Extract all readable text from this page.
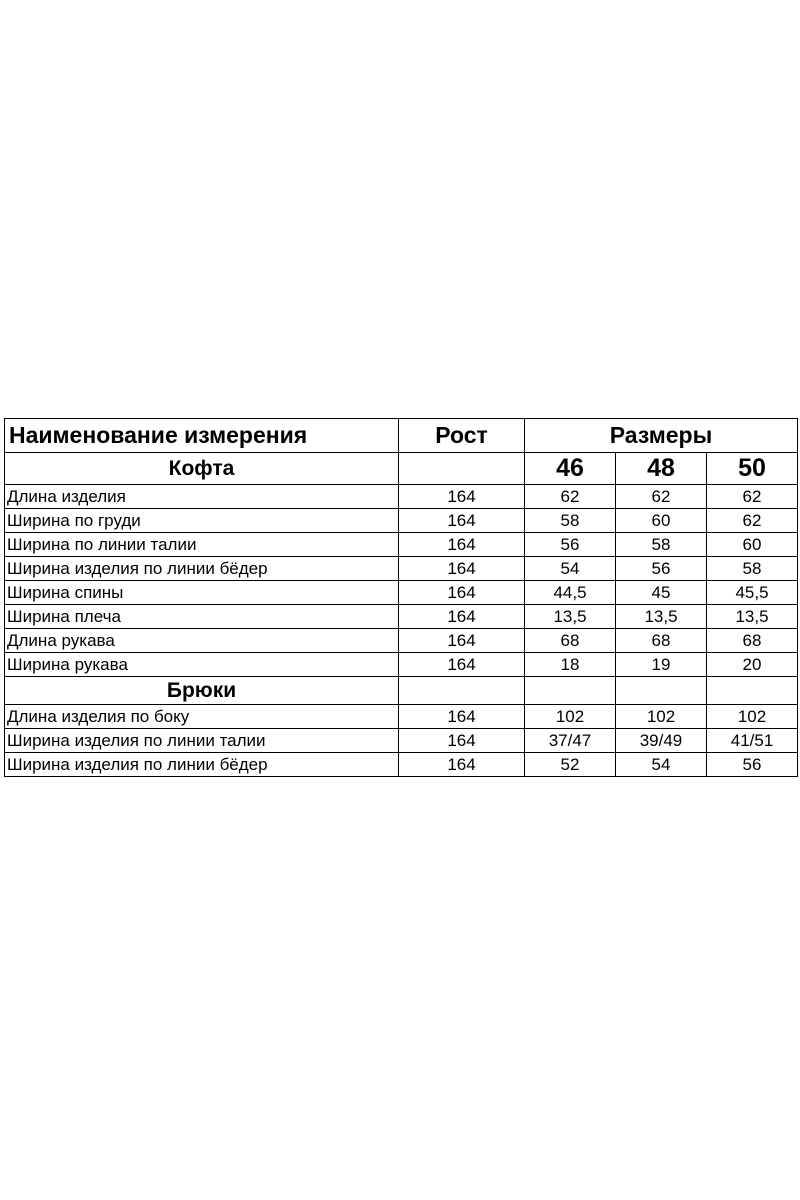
Наименование измерения	Рост	Размеры		
Кофта		46	48	50
Длина изделия	164	62	62	62
Ширина по груди	164	58	60	62
Ширина по линии талии	164	56	58	60
Ширина изделия по линии бёдер	164	54	56	58
Ширина спины	164	44,5	45	45,5
Ширина плеча	164	13,5	13,5	13,5
Длина рукава	164	68	68	68
Ширина рукава	164	18	19	20
Брюки				
Длина изделия по боку	164	102	102	102
Ширина изделия по линии талии	164	37/47	39/49	41/51
Ширина изделия по линии бёдер	164	52	54	56
